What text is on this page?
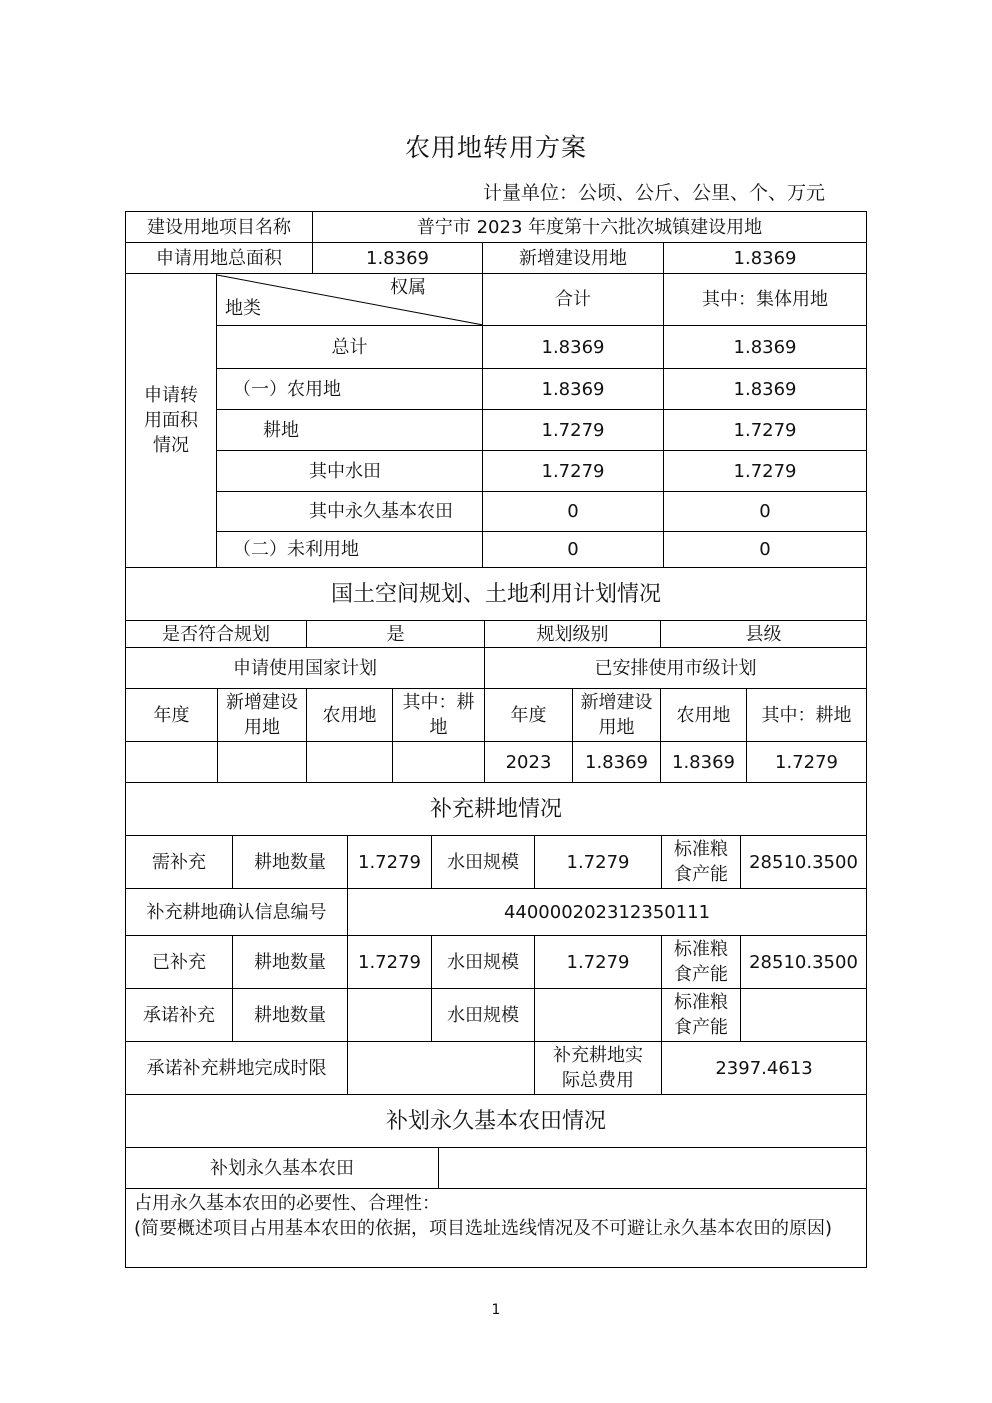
农用地转用方案
计量单位：公顷、公斤、公里、个、万元
建设用地项目名称		普宁市 2023 年度第十六批次城镇建设用地		
申请用地总面积		1.8369	新增建设用地	1.8369
申请转用面积情况	权属
地类		合计	其中：集体用地
	总计		1.8369	1.8369
	（一）农用地		1.8369	1.8369
	耕地		1.7279	1.7279
	其中水田		1.7279	1.7279
	其中永久基本农田		0	0
	（二）未利用地		0	0
国土空间规划、土地利用计划情况							
是否符合规划		是		规划级别		县级	
申请使用国家计划				已安排使用市级计划			
年度	新增建设用地	农用地	其中：耕地	年度	新增建设用地	农用地	其中：耕地
				2023	1.8369	1.8369	1.7279
补充耕地情况						
需补充	耕地数量	1.7279	水田规模	1.7279	标准粮食产能	28510.3500
补充耕地确认信息编号		440000202312350111				
已补充	耕地数量	1.7279	水田规模	1.7279	标准粮食产能	28510.3500
承诺补充	耕地数量		水田规模		标准粮食产能	
承诺补充耕地完成时限				补充耕地实际总费用	2397.4613	
补划永久基本农田情况
补划永久基本农田	

占用永久基本农田的必要性、合理性：
(简要概述项目占用基本农田的依据，项目选址选线情况及不可避让永久基本农田的原因)
1
